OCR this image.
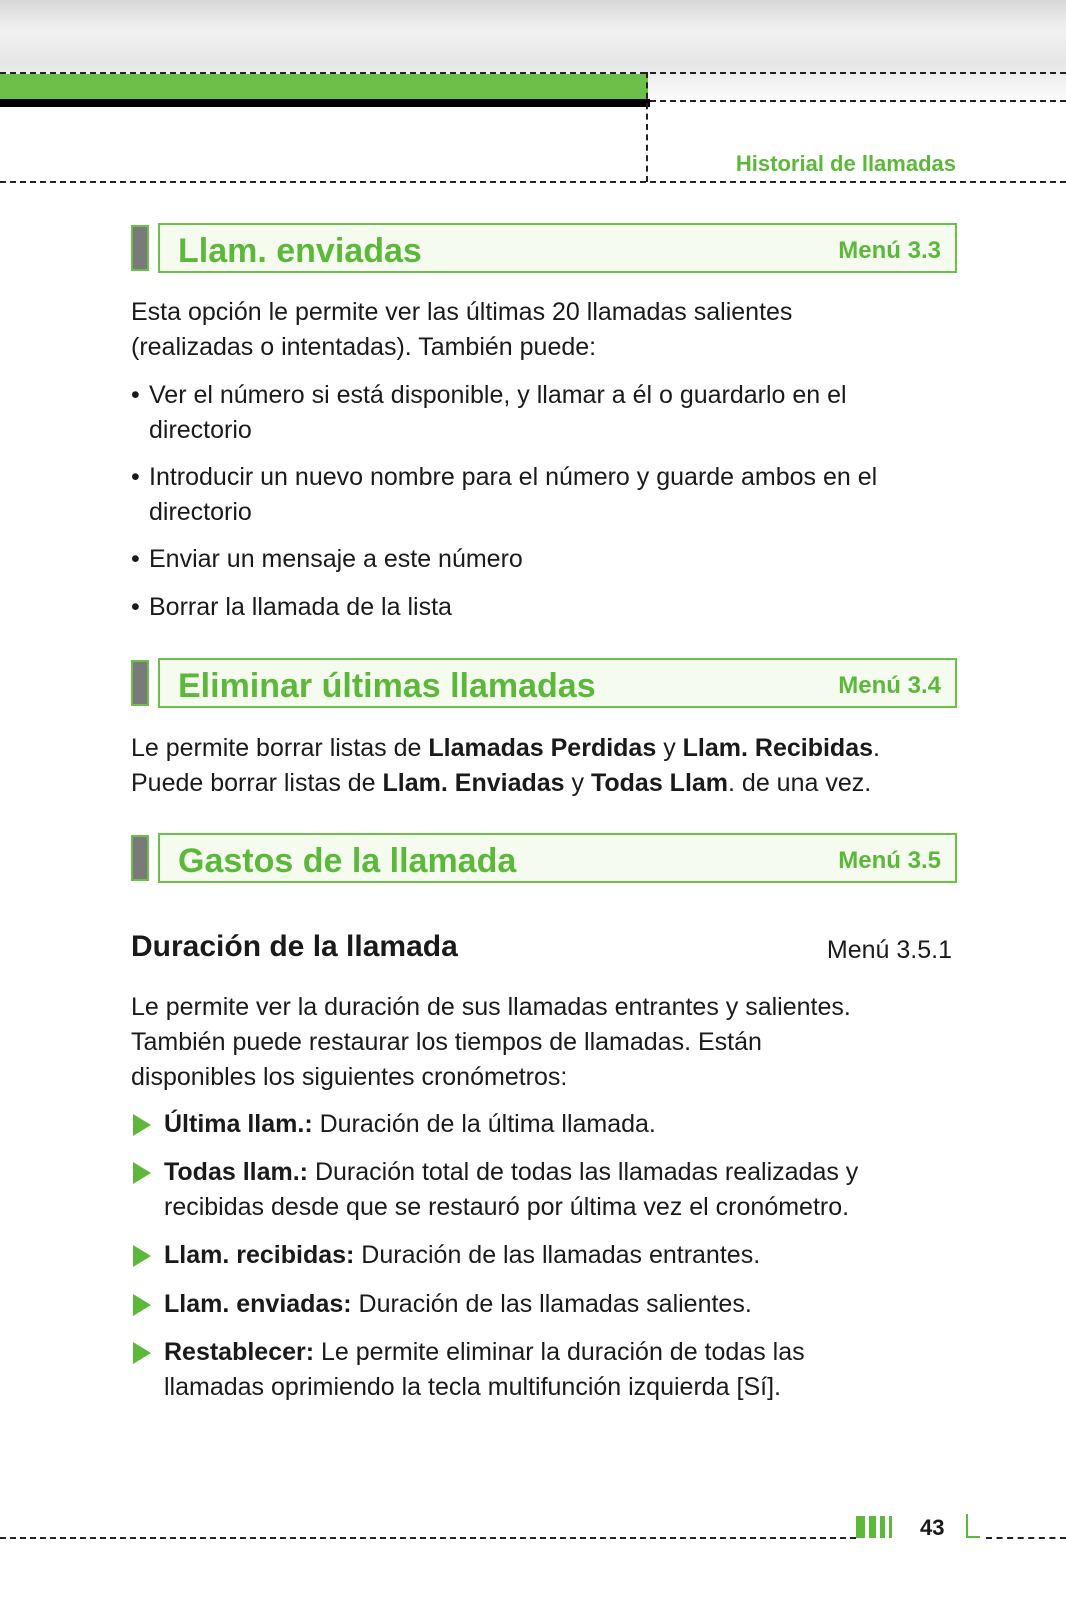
Historial de llamadas
Llam. enviadas	Menú 3.3

Esta opción le permite ver las últimas 20 llamadas salientes
(realizadas o intentadas). También puede:

• Ver el número si está disponible, y llamar a él o guardarlo en el
directorio
• Introducir un nuevo nombre para el número y guarde ambos en el
directorio
• Enviar un mensaje a este número
• Borrar la llamada de la lista
Eliminar últimas llamadas	Menú 3.4

Le permite borrar listas de Llamadas Perdidas y Llam. Recibidas.
Puede borrar listas de Llam. Enviadas y Todas Llam. de una vez.

Gastos de la llamada	Menú 3.5
Duración de la llamada	Menú 3.5.1

Le permite ver la duración de sus llamadas entrantes y salientes.
También puede restaurar los tiempos de llamadas. Están
disponibles los siguientes cronómetros:

Última llam.: Duración de la última llamada.
Todas llam.: Duración total de todas las llamadas realizadas y
recibidas desde que se restauró por última vez el cronómetro.
Llam. recibidas: Duración de las llamadas entrantes.
Llam. enviadas: Duración de las llamadas salientes.
Restablecer: Le permite eliminar la duración de todas las
llamadas oprimiendo la tecla multifunción izquierda [Sí].
43
